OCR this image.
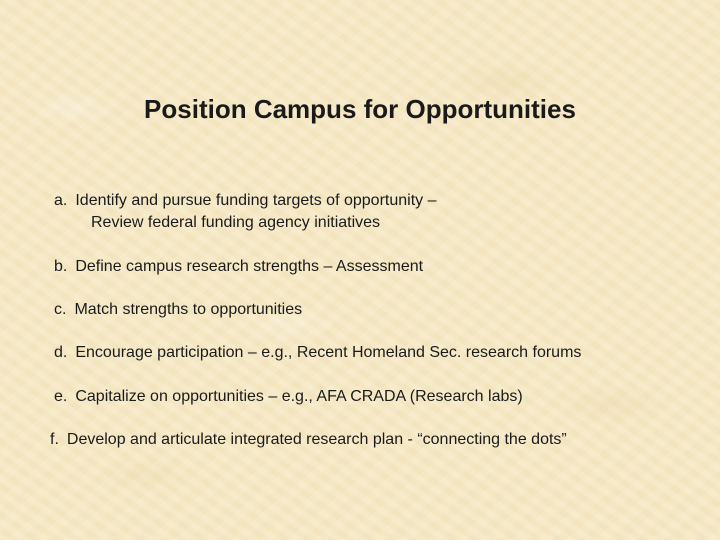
Position Campus for Opportunities
a. Identify and pursue funding targets of opportunity –
Review federal funding agency initiatives
b. Define campus research strengths – Assessment
c. Match strengths to opportunities
d. Encourage participation – e.g., Recent Homeland Sec. research forums
e. Capitalize on opportunities – e.g., AFA CRADA (Research labs)
f. Develop and articulate integrated research plan - “connecting the dots”
